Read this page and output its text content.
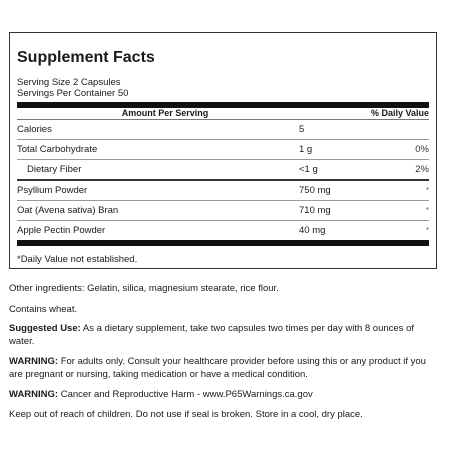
Supplement Facts
Serving Size 2 Capsules
Servings Per Container 50
Amount Per Serving	% Daily Value
Calories	5
Total Carbohydrate	1 g	0%
Dietary Fiber	<1 g	2%
Psyllium Powder	750 mg	*
Oat (Avena sativa) Bran	710 mg	*
Apple Pectin Powder	40 mg	*
*Daily Value not established.
Other ingredients: Gelatin, silica, magnesium stearate, rice flour.
Contains wheat.
Suggested Use: As a dietary supplement, take two capsules two times per day with 8 ounces of water.
WARNING: For adults only. Consult your healthcare provider before using this or any product if you are pregnant or nursing, taking medication or have a medical condition.
WARNING: Cancer and Reproductive Harm - www.P65Warnings.ca.gov
Keep out of reach of children. Do not use if seal is broken. Store in a cool, dry place.
